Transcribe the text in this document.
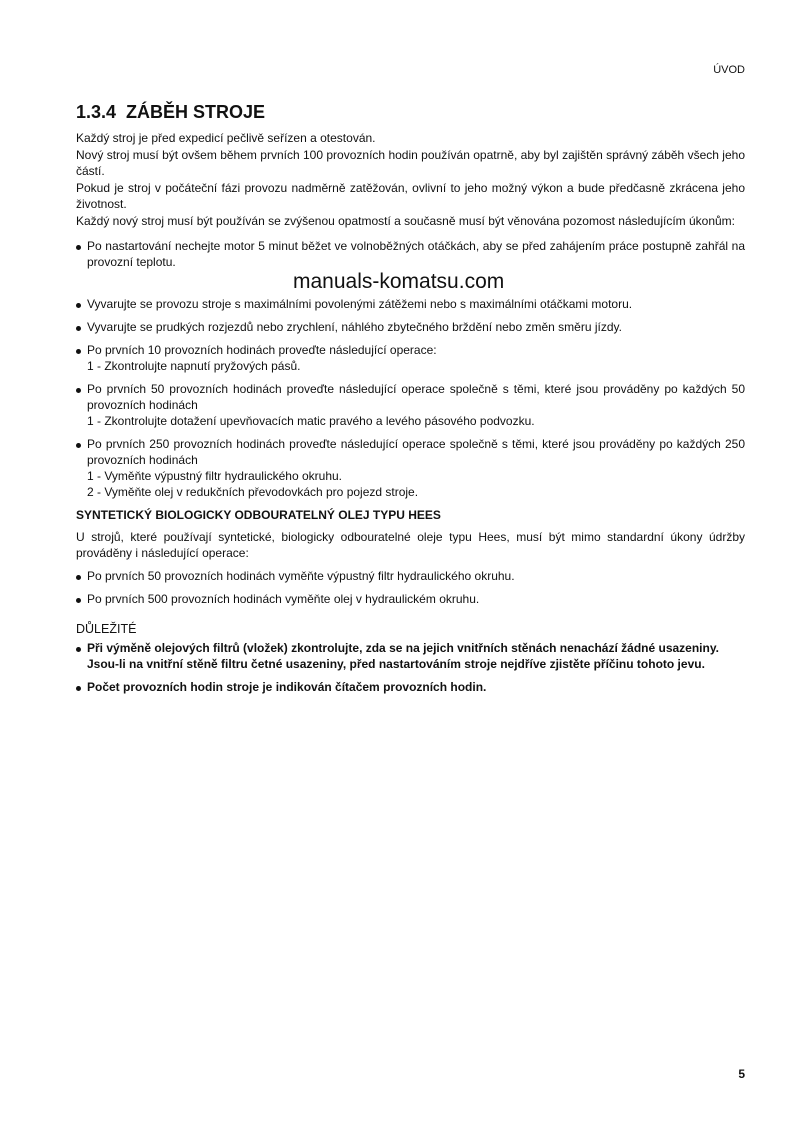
ÚVOD
1.3.4 ZÁBĚH STROJE
Každý stroj je před expedicí pečlivě seřízen a otestován.
Nový stroj musí být ovšem během prvních 100 provozních hodin používán opatrně, aby byl zajištěn správný záběh všech jeho částí.
Pokud je stroj v počáteční fázi provozu nadměrně zatěžován, ovlivní to jeho možný výkon a bude předčasně zkrácena jeho životnost.
Každý nový stroj musí být používán se zvýšenou opatmostí a současně musí být věnována pozomost následujícím úkonům:
Po nastartování nechejte motor 5 minut běžet ve volnoběžných otáčkách, aby se před zahájením práce postupně zahřál na provozní teplotu.
manuals-komatsu.com
Vyvarujte se provozu stroje s maximálními povolenými zátěžemi nebo s maximálními otáčkami motoru.
Vyvarujte se prudkých rozjezdů nebo zrychlení, náhlého zbytečného brždění nebo změn směru jízdy.
Po prvních 10 provozních hodinách proveďte následující operace:
1 - Zkontrolujte napnutí pryžových pásů.
Po prvních 50 provozních hodinách proveďte následující operace společně s těmi, které jsou prováděny po každých 50 provozních hodinách
1 - Zkontrolujte dotažení upevňovacích matic pravého a levého pásového podvozku.
Po prvních 250 provozních hodinách proveďte následující operace společně s těmi, které jsou prováděny po každých 250 provozních hodinách
1 - Vyměňte výpustný filtr hydraulického okruhu.
2 - Vyměňte olej v redukčních převodovkách pro pojezd stroje.
SYNTETICKÝ BIOLOGICKY ODBOURATELNÝ OLEJ TYPU HEES
U strojů, které používají syntetické, biologicky odbouratelné oleje typu Hees, musí být mimo standardní úkony údržby prováděny i následující operace:
Po prvních 50 provozních hodinách vyměňte výpustný filtr hydraulického okruhu.
Po prvních 500 provozních hodinách vyměňte olej v hydraulickém okruhu.
DŮLEŽITÉ
Při výměně olejových filtrů (vložek) zkontrolujte, zda se na jejich vnitřních stěnách nenachází žádné usazeniny.
Jsou-li na vnitřní stěně filtru četné usazeniny, před nastartováním stroje nejdříve zjistěte příčinu tohoto jevu.
Počet provozních hodin stroje je indikován čítačem provozních hodin.
5
